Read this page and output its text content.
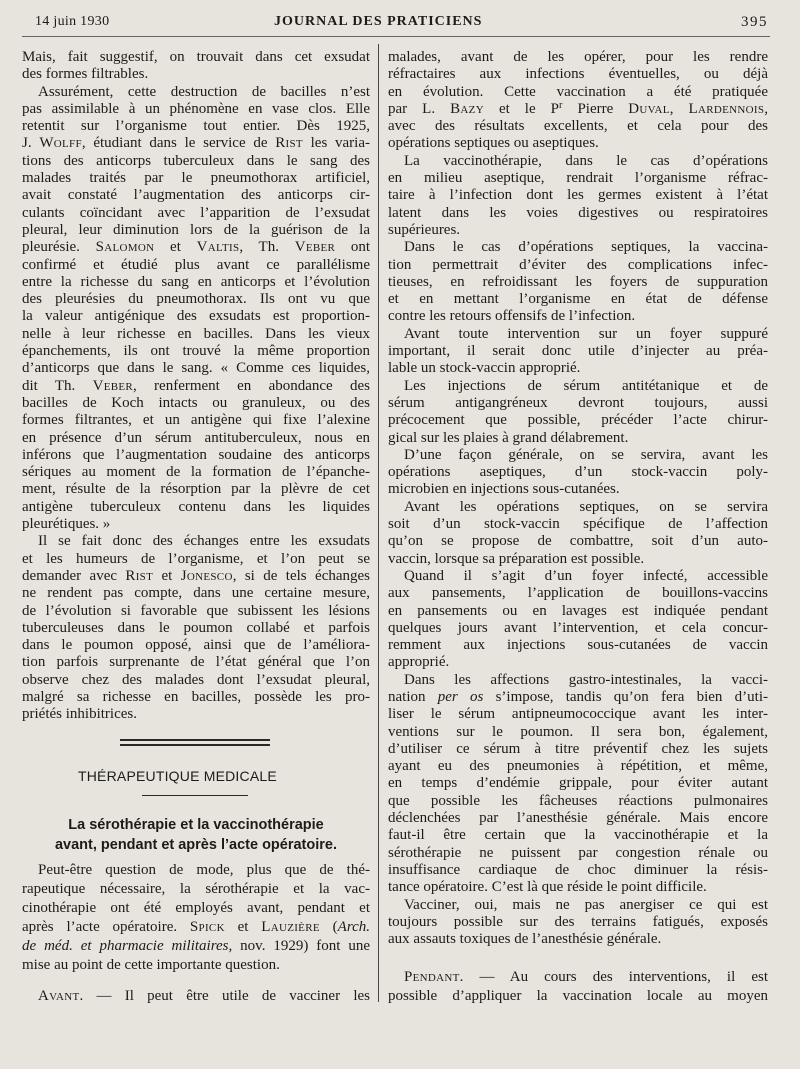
14 juin 1930	JOURNAL DES PRATICIENS	395
Mais, fait suggestif, on trouvait dans cet exsudat
des formes filtrables.
Assurément, cette destruction de bacilles n’est
pas assimilable à un phénomène en vase clos. Elle
retentit sur l’organisme tout entier. Dès 1925,
J. Wolff, étudiant dans le service de Rist les varia-
tions des anticorps tuberculeux dans le sang des
malades traités par le pneumothorax artificiel,
avait constaté l’augmentation des anticorps cir-
culants coïncidant avec l’apparition de l’exsudat
pleural, leur diminution lors de la guérison de la
pleurésie. Salomon et Valtis, Th. Veber ont
confirmé et étudié plus avant ce parallélisme
entre la richesse du sang en anticorps et l’évolution
des pleurésies du pneumothorax. Ils ont vu que
la valeur antigénique des exsudats est proportion-
nelle à leur richesse en bacilles. Dans les vieux
épanchements, ils ont trouvé la même proportion
d’anticorps que dans le sang. « Comme ces liquides,
dit Th. Veber, renferment en abondance des
bacilles de Koch intacts ou granuleux, ou des
formes filtrantes, et un antigène qui fixe l’alexine
en présence d’un sérum antituberculeux, nous en
inférons que l’augmentation soudaine des anticorps
sériques au moment de la formation de l’épanche-
ment, résulte de la résorption par la plèvre de cet
antigène tuberculeux contenu dans les liquides
pleurétiques. »
Il se fait donc des échanges entre les exsudats
et les humeurs de l’organisme, et l’on peut se
demander avec Rist et Jonesco, si de tels échanges
ne rendent pas compte, dans une certaine mesure,
de l’évolution si favorable que subissent les lésions
tuberculeuses dans le poumon collabé et parfois
dans le poumon opposé, ainsi que de l’améliora-
tion parfois surprenante de l’état général que l’on
observe chez des malades dont l’exsudat pleural,
malgré sa richesse en bacilles, possède les pro-
priétés inhibitrices.
THÉRAPEUTIQUE MEDICALE
La sérothérapie et la vaccinothérapie
avant, pendant et après l’acte opératoire.
Peut-être question de mode, plus que de thé-
rapeutique nécessaire, la sérothérapie et la vac-
cinothérapie ont été employés avant, pendant et
après l’acte opératoire. Spick et Lauzière (Arch.
de méd. et pharmacie militaires, nov. 1929) font une
mise au point de cette importante question.
Avant. — Il peut être utile de vacciner les
malades, avant de les opérer, pour les rendre
réfractaires aux infections éventuelles, ou déjà
en évolution. Cette vaccination a été pratiquée
par L. Bazy et le $P^r$ Pierre Duval, Lardennois,
avec des résultats excellents, et cela pour des
opérations septiques ou aseptiques.
La vaccinothérapie, dans le cas d’opérations
en milieu aseptique, rendrait l’organisme réfrac-
taire à l’infection dont les germes existent à l’état
latent dans les voies digestives ou respiratoires
supérieures.
Dans le cas d’opérations septiques, la vaccina-
tion permettrait d’éviter des complications infec-
tieuses, en refroidissant les foyers de suppuration
et en mettant l’organisme en état de défense
contre les retours offensifs de l’infection.
Avant toute intervention sur un foyer suppuré
important, il serait donc utile d’injecter au préa-
lable un stock-vaccin approprié.
Les injections de sérum antitétanique et de
sérum antigangréneux devront toujours, aussi
précocement que possible, précéder l’acte chirur-
gical sur les plaies à grand délabrement.
D’une façon générale, on se servira, avant les
opérations aseptiques, d’un stock-vaccin poly-
microbien en injections sous-cutanées.
Avant les opérations septiques, on se servira
soit d’un stock-vaccin spécifique de l’affection
qu’on se propose de combattre, soit d’un auto-
vaccin, lorsque sa préparation est possible.
Quand il s’agit d’un foyer infecté, accessible
aux pansements, l’application de bouillons-vaccins
en pansements ou en lavages est indiquée pendant
quelques jours avant l’intervention, et cela concur-
remment aux injections sous-cutanées de vaccin
approprié.
Dans les affections gastro-intestinales, la vacci-
nation per os s’impose, tandis qu’on fera bien d’uti-
liser le sérum antipneumococcique avant les inter-
ventions sur le poumon. Il sera bon, également,
d’utiliser ce sérum à titre préventif chez les sujets
ayant eu des pneumonies à répétition, et même,
en temps d’endémie grippale, pour éviter autant
que possible les fâcheuses réactions pulmonaires
déclenchées par l’anesthésie générale. Mais encore
faut-il être certain que la vaccinothérapie et la
sérothérapie ne puissent par congestion rénale ou
insuffisance cardiaque de choc diminuer la résis-
tance opératoire. C’est là que réside le point difficile.
Vacciner, oui, mais ne pas anergiser ce qui est
toujours possible sur des terrains fatigués, exposés
aux assauts toxiques de l’anesthésie générale.
Pendant. — Au cours des interventions, il est
possible d’appliquer la vaccination locale au moyen
